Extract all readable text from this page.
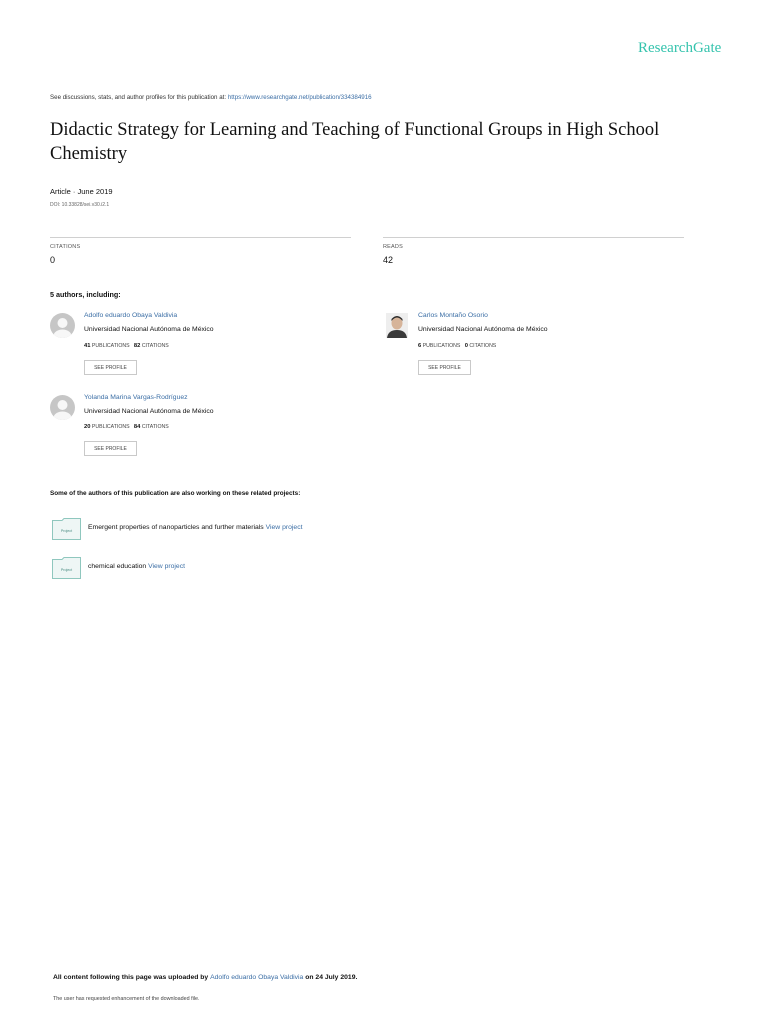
ResearchGate
See discussions, stats, and author profiles for this publication at: https://www.researchgate.net/publication/334384916
Didactic Strategy for Learning and Teaching of Functional Groups in High School Chemistry
Article · June 2019
DOI: 10.33828/sei.v30.i2.1
CITATIONS
0
READS
42
5 authors, including:
Adolfo eduardo Obaya Valdivia
Universidad Nacional Autónoma de México
41 PUBLICATIONS 82 CITATIONS
SEE PROFILE
Carlos Montaño Osorio
Universidad Nacional Autónoma de México
6 PUBLICATIONS 0 CITATIONS
SEE PROFILE
Yolanda Marina Vargas-Rodríguez
Universidad Nacional Autónoma de México
20 PUBLICATIONS 84 CITATIONS
SEE PROFILE
Some of the authors of this publication are also working on these related projects:
Project Emergent properties of nanoparticles and further materials View project
Project chemical education View project
All content following this page was uploaded by Adolfo eduardo Obaya Valdivia on 24 July 2019.
The user has requested enhancement of the downloaded file.
